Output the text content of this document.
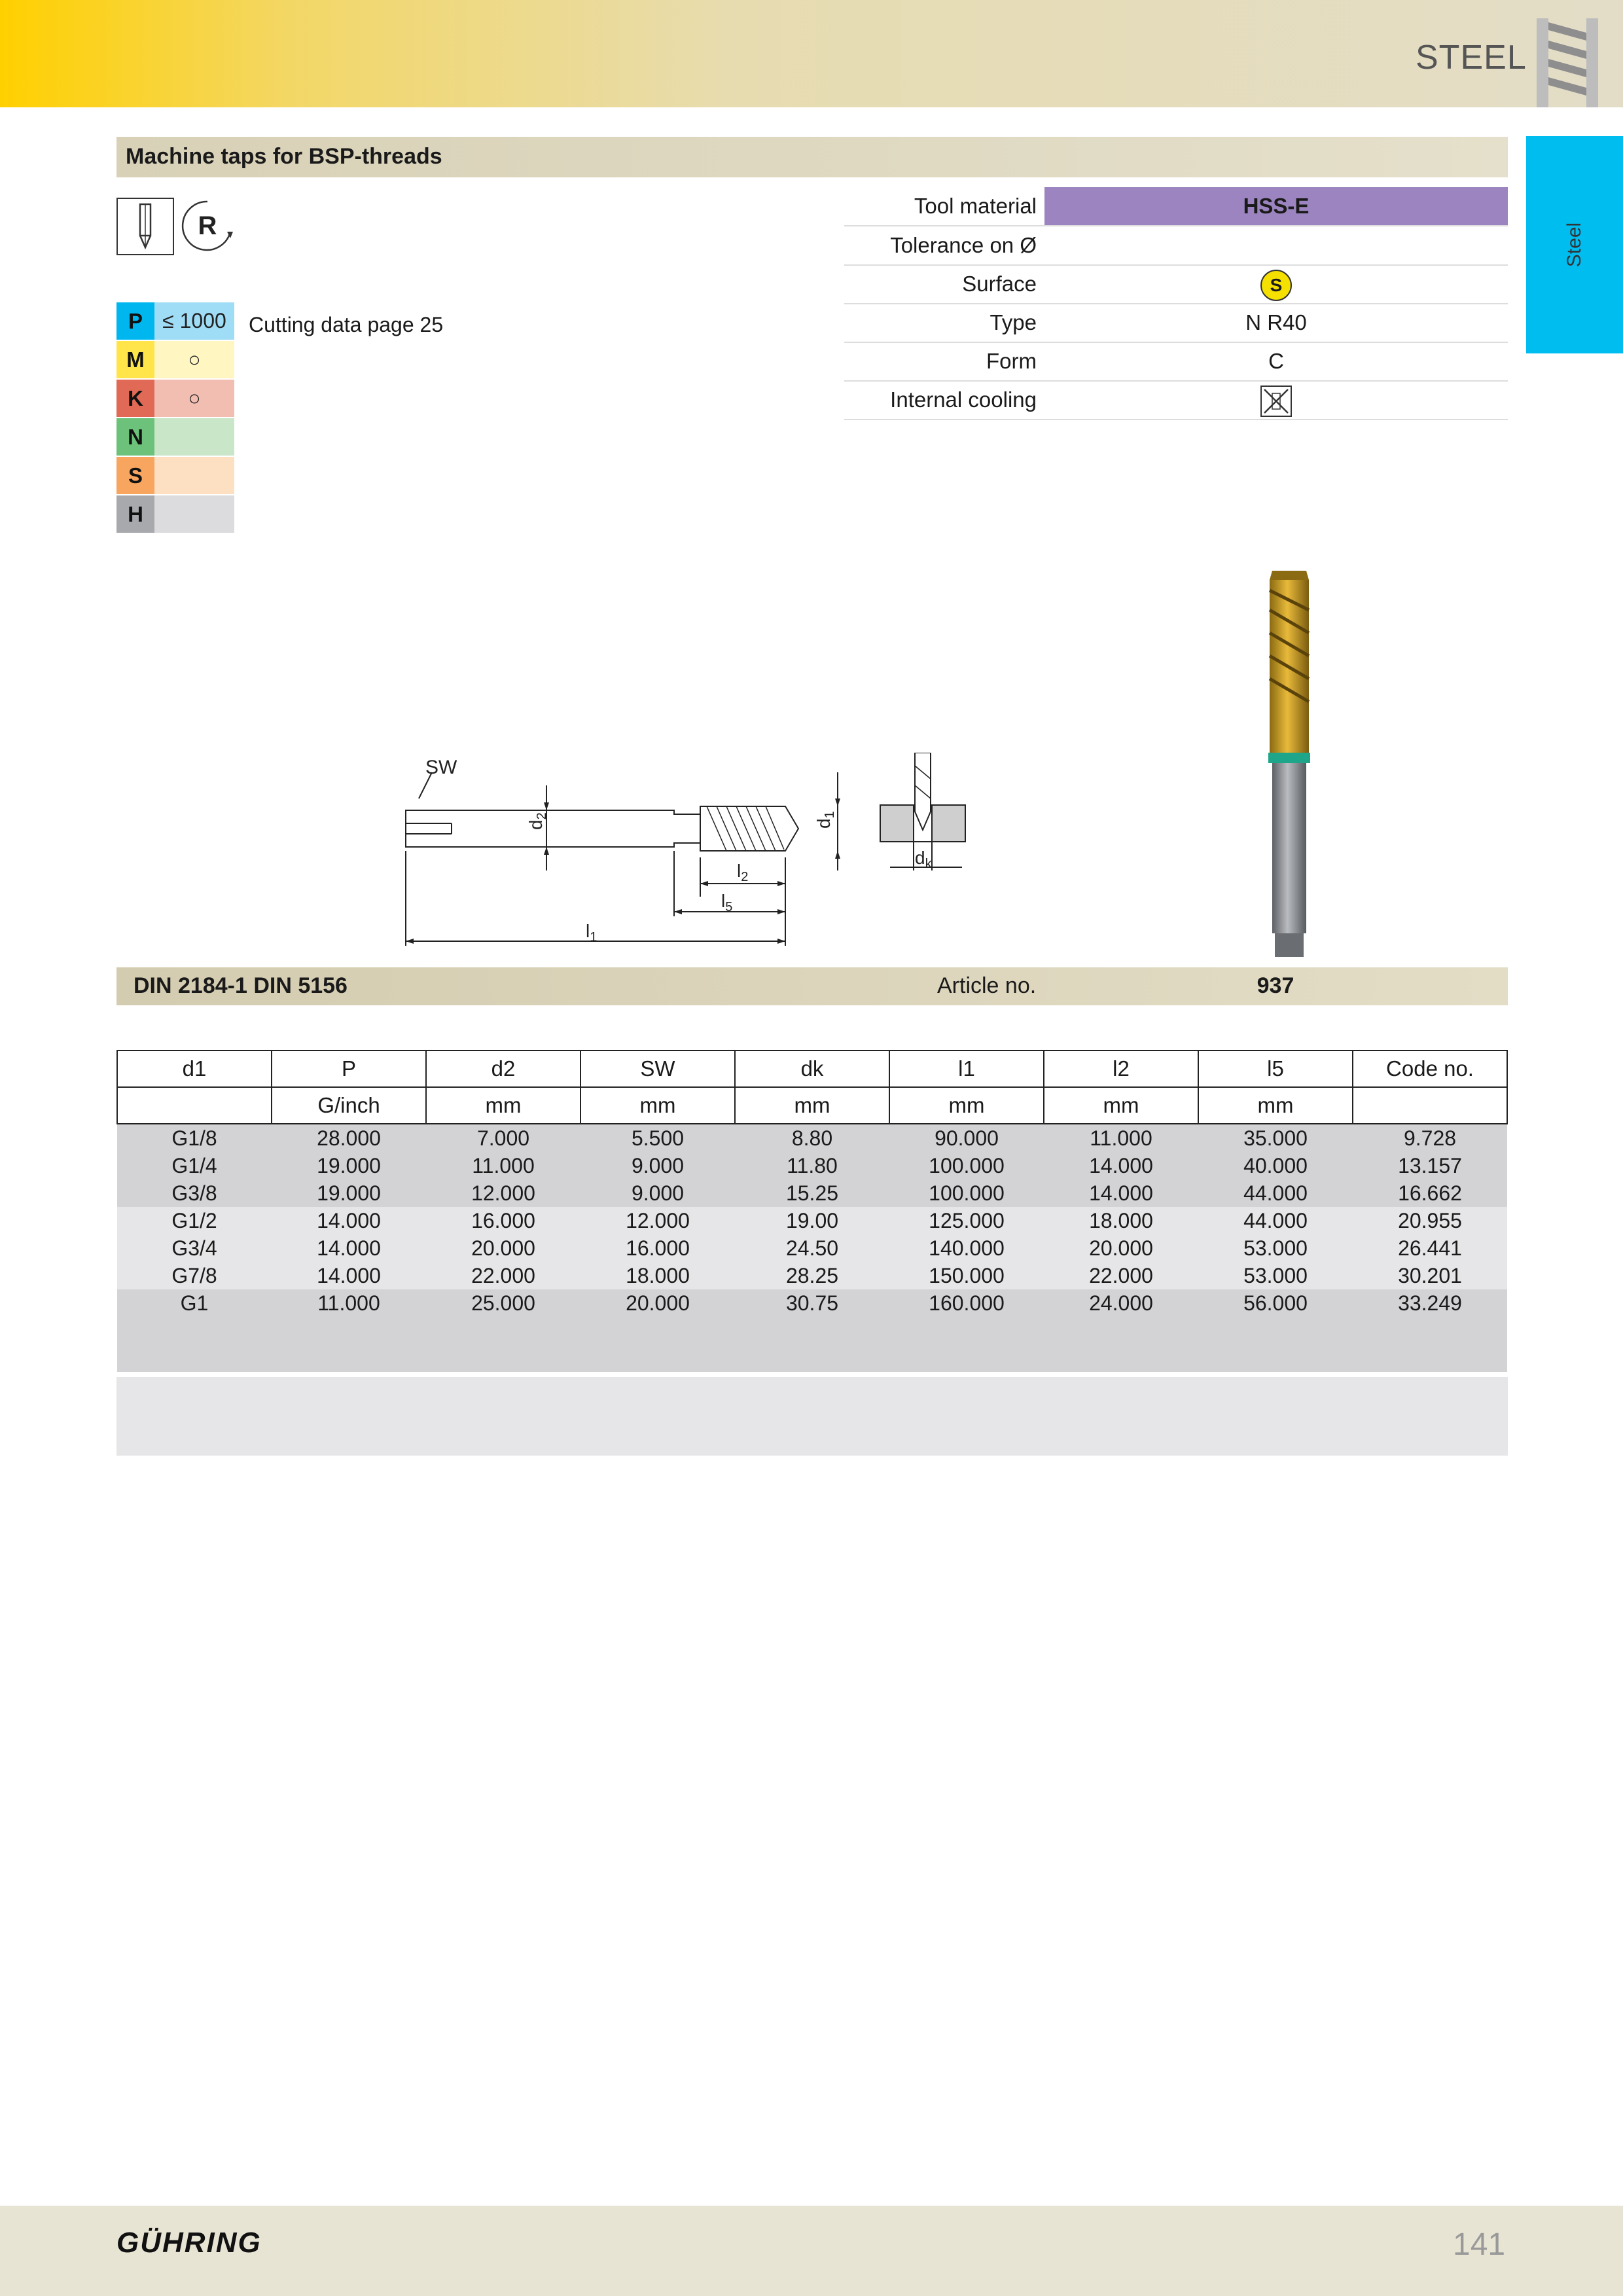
STEEL
Steel
Machine taps for BSP-threads
R
P ≤ 1000
M	○
K	○
N
S
H
Cutting data page 25
Tool material	HSS-E
Tolerance on Ø
Surface	S
Type	N R40
Form	C
Internal cooling
SW
$d_2$
$d_1$
$l_2$
$l_5$
$l_1$
$d_k$
DIN 2184-1 DIN 5156	Article no.	937
d1	P	d2	SW	dk	l1	l2	l5	Code no.
	G/inch	mm	mm	mm	mm	mm	mm	
G1/8	28.000	7.000	5.500	8.80	90.000	11.000	35.000	9.728
G1/4	19.000	11.000	9.000	11.80	100.000	14.000	40.000	13.157
G3/8	19.000	12.000	9.000	15.25	100.000	14.000	44.000	16.662
G1/2	14.000	16.000	12.000	19.00	125.000	18.000	44.000	20.955
G3/4	14.000	20.000	16.000	24.50	140.000	20.000	53.000	26.441
G7/8	14.000	22.000	18.000	28.25	150.000	22.000	53.000	30.201
G1	11.000	25.000	20.000	30.75	160.000	24.000	56.000	33.249

GÜHRING	141
